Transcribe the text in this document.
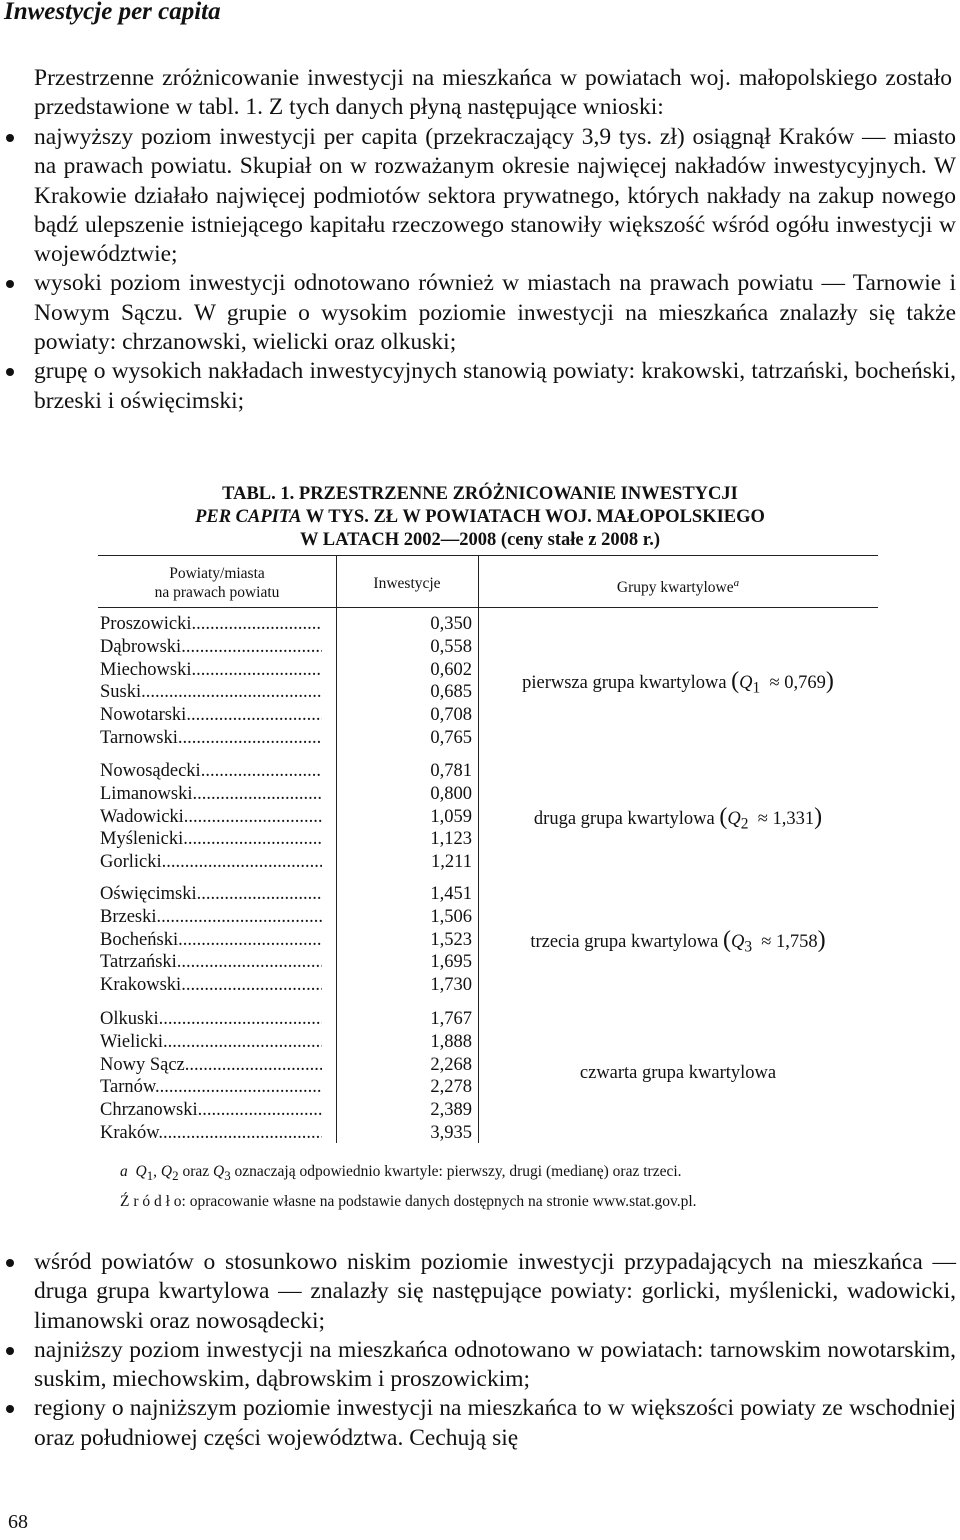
Inwestycje per capita

Przestrzenne zróżnicowanie inwestycji na mieszkańca w powiatach woj. małopolskiego zostało przedstawione w tabl. 1. Z tych danych płyną następujące wnioski:

najwyższy poziom inwestycji per capita (przekraczający 3,9 tys. zł) osiągnął Kraków — miasto na prawach powiatu. Skupiał on w rozważanym okresie najwięcej nakładów inwestycyjnych. W Krakowie działało najwięcej podmiotów sektora prywatnego, których nakłady na zakup nowego bądź ulepszenie istniejącego kapitału rzeczowego stanowiły większość wśród ogółu inwestycji w województwie;

wysoki poziom inwestycji odnotowano również w miastach na prawach powiatu — Tarnowie i Nowym Sączu. W grupie o wysokim poziomie inwestycji na mieszkańca znalazły się także powiaty: chrzanowski, wielicki oraz olkuski;

grupę o wysokich nakładach inwestycyjnych stanowią powiaty: krakowski, tatrzański, bocheński, brzeski i oświęcimski;

TABL. 1. PRZESTRZENNE ZRÓŻNICOWANIE INWESTYCJI
PER CAPITA W TYS. ZŁ W POWIATACH WOJ. MAŁOPOLSKIEGO
W LATACH 2002—2008 (ceny stałe z 2008 r.)
Powiaty/miasta
na prawach powiatu
Inwestycje	Grupy kwartylowe$^a$
Proszowicki .....	0,350
Dąbrowski .....	0,558
Miechowski .....	0,602
Suski .....	0,685
Nowotarski .....	0,708
Tarnowski .....	0,765
pierwsza grupa kwartylowa $(Q_1 \approx 0,769)$
Nowosądecki .....	0,781
Limanowski .....	0,800
Wadowicki .....	1,059
Myślenicki .....	1,123
Gorlicki .....	1,211
druga grupa kwartylowa $(Q_2 \approx 1,331)$
Oświęcimski .....	1,451
Brzeski .....	1,506
Bocheński .....	1,523
Tatrzański .....	1,695
Krakowski .....	1,730
trzecia grupa kwartylowa $(Q_3 \approx 1,758)$
Olkuski .....	1,767
Wielicki .....	1,888
Nowy Sącz .....	2,268
Tarnów .....	2,278
Chrzanowski .....	2,389
Kraków .....	3,935
czwarta grupa kwartylowa
a $Q_1$, $Q_2$ oraz $Q_3$ oznaczają odpowiednio kwartyle: pierwszy, drugi (medianę) oraz trzeci.
Ź r ó d ł o: opracowanie własne na podstawie danych dostępnych na stronie www.stat.gov.pl.

wśród powiatów o stosunkowo niskim poziomie inwestycji przypadających na mieszkańca — druga grupa kwartylowa — znalazły się następujące powiaty: gorlicki, myślenicki, wadowicki, limanowski oraz nowosądecki;

najniższy poziom inwestycji na mieszkańca odnotowano w powiatach: tarnowskim nowotarskim, suskim, miechowskim, dąbrowskim i proszowickim;

regiony o najniższym poziomie inwestycji na mieszkańca to w większości powiaty ze wschodniej oraz południowej części województwa. Cechują się

68
